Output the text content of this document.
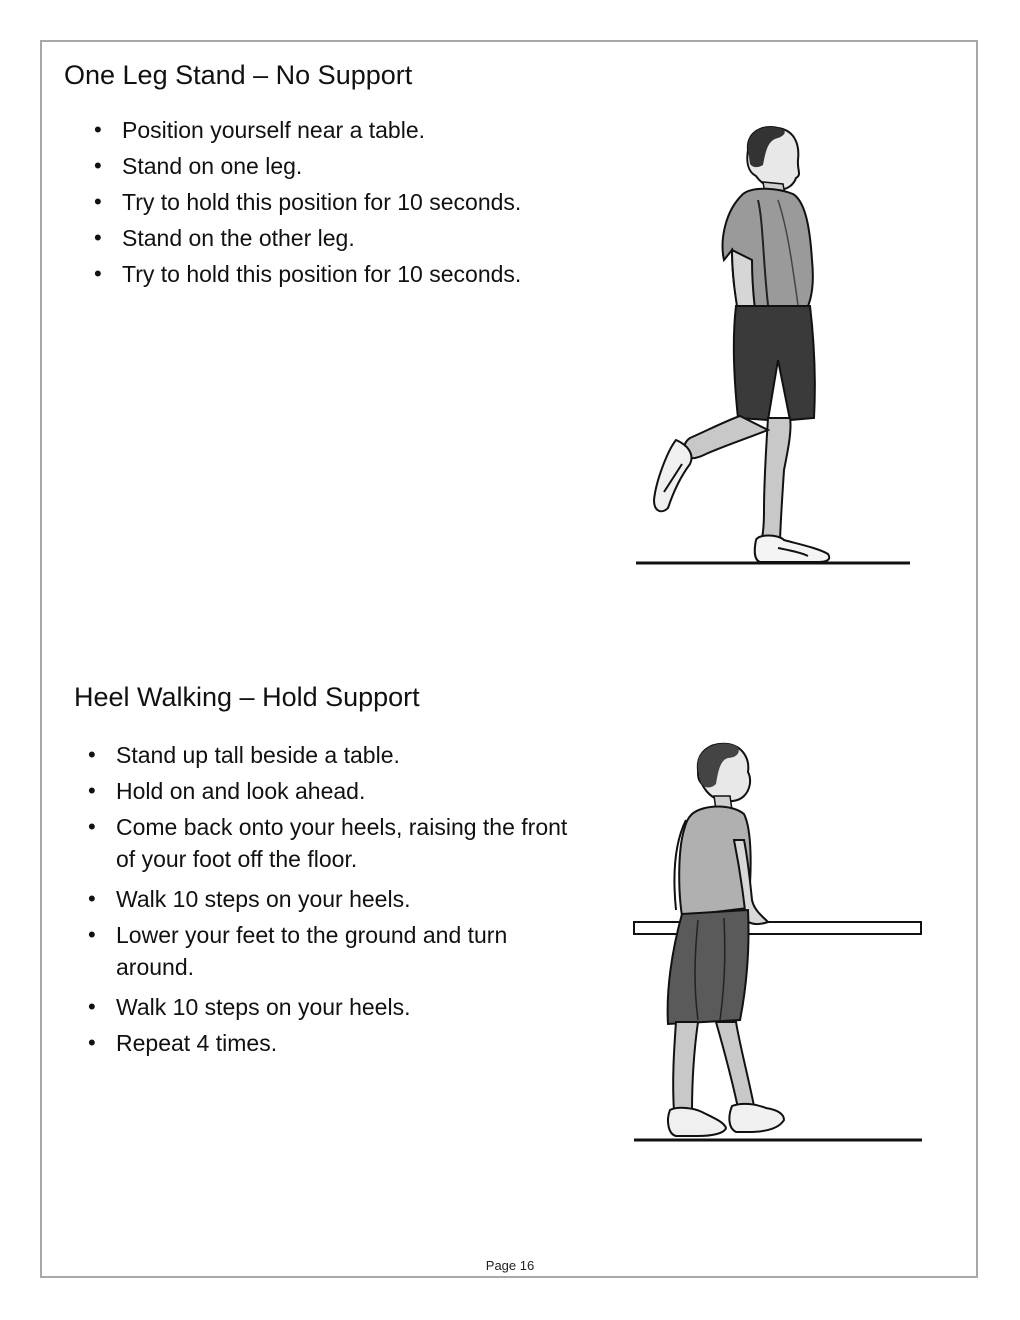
One Leg Stand – No Support
• Position yourself near a table.
• Stand on one leg.
• Try to hold this position for 10 seconds.
• Stand on the other leg.
• Try to hold this position for 10 seconds.
Heel Walking – Hold Support
• Stand up tall beside a table.
• Hold on and look ahead.
• Come back onto your heels, raising the front of your foot off the floor.
• Walk 10 steps on your heels.
• Lower your feet to the ground and turn around.
• Walk 10 steps on your heels.
• Repeat 4 times.
Page 16
